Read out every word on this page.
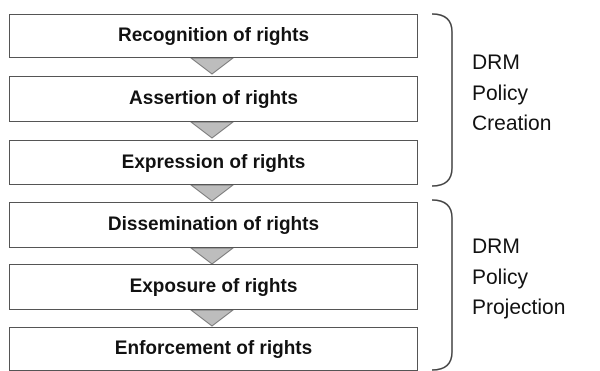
Recognition of rights
Assertion of rights
Expression of rights
Dissemination of rights
Exposure of rights
Enforcement of rights
DRM
Policy
Creation
DRM
Policy
Projection
